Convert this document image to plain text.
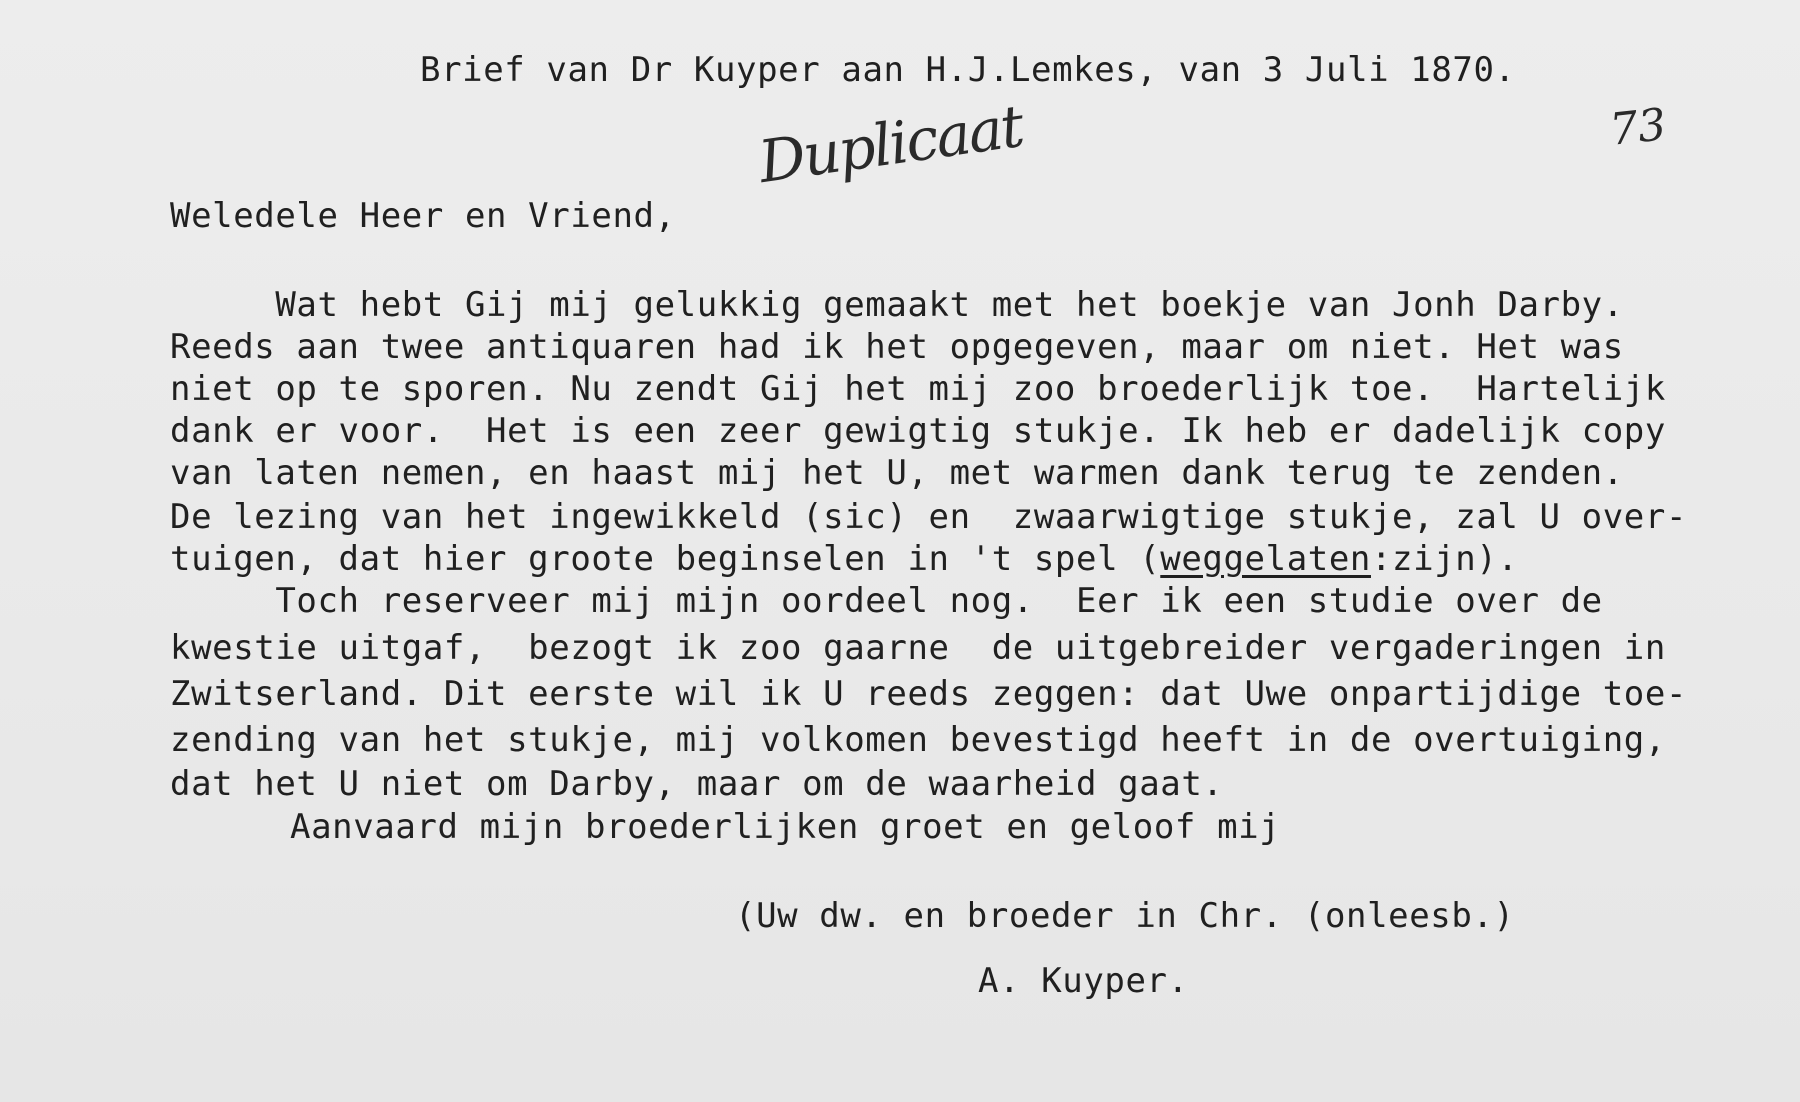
Brief van Dr Kuyper aan H.J.Lemkes, van 3 Juli 1870.
Duplicaat	73
Weledele Heer en Vriend,
Wat hebt Gij mij gelukkig gemaakt met het boekje van Jonh Darby.
Reeds aan twee antiquaren had ik het opgegeven, maar om niet. Het was
niet op te sporen. Nu zendt Gij het mij zoo broederlijk toe.  Hartelijk
dank er voor.  Het is een zeer gewigtig stukje. Ik heb er dadelijk copy
van laten nemen, en haast mij het U, met warmen dank terug te zenden.
De lezing van het ingewikkeld (sic) en  zwaarwigtige stukje, zal U over-
tuigen, dat hier groote beginselen in 't spel (weggelaten:zijn).
Toch reserveer mij mijn oordeel nog.  Eer ik een studie over de
kwestie uitgaf,  bezogt ik zoo gaarne  de uitgebreider vergaderingen in
Zwitserland. Dit eerste wil ik U reeds zeggen: dat Uwe onpartijdige toe-
zending van het stukje, mij volkomen bevestigd heeft in de overtuiging,
dat het U niet om Darby, maar om de waarheid gaat.
Aanvaard mijn broederlijken groet en geloof mij
(Uw dw. en broeder in Chr. (onleesb.)
A. Kuyper.
